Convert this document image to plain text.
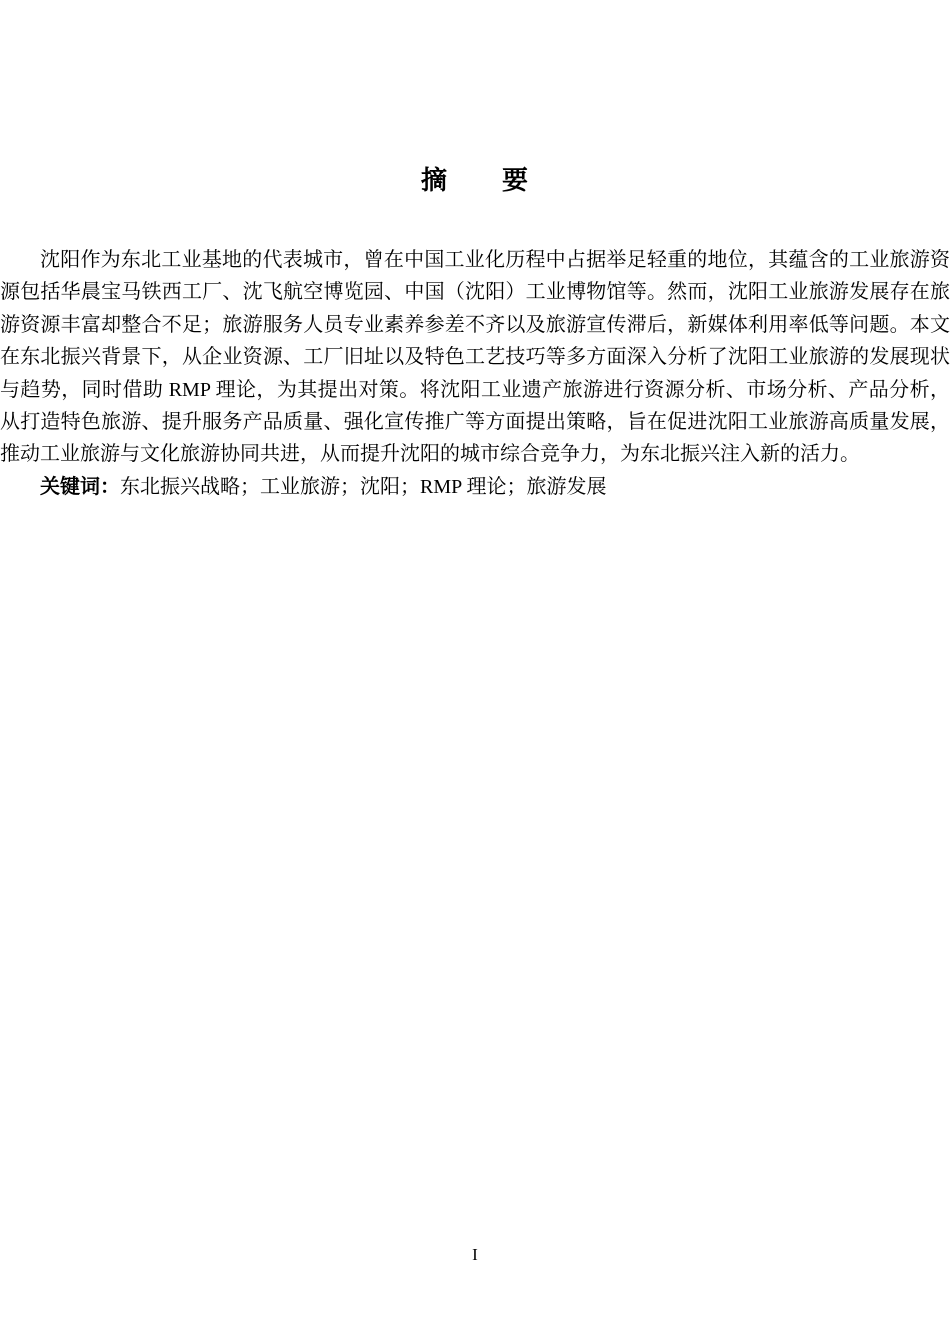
摘　　要

沈阳作为东北工业基地的代表城市，曾在中国工业化历程中占据举足轻重的地位，其蕴含的工业旅游资源包括华晨宝马铁西工厂、沈飞航空博览园、中国（沈阳）工业博物馆等。然而，沈阳工业旅游发展存在旅游资源丰富却整合不足；旅游服务人员专业素养参差不齐以及旅游宣传滞后，新媒体利用率低等问题。本文在东北振兴背景下，从企业资源、工厂旧址以及特色工艺技巧等多方面深入分析了沈阳工业旅游的发展现状与趋势，同时借助 RMP 理论，为其提出对策。将沈阳工业遗产旅游进行资源分析、市场分析、产品分析，从打造特色旅游、提升服务产品质量、强化宣传推广等方面提出策略，旨在促进沈阳工业旅游高质量发展，推动工业旅游与文化旅游协同共进，从而提升沈阳的城市综合竞争力，为东北振兴注入新的活力。

关键词：东北振兴战略；工业旅游；沈阳；RMP 理论；旅游发展

I
